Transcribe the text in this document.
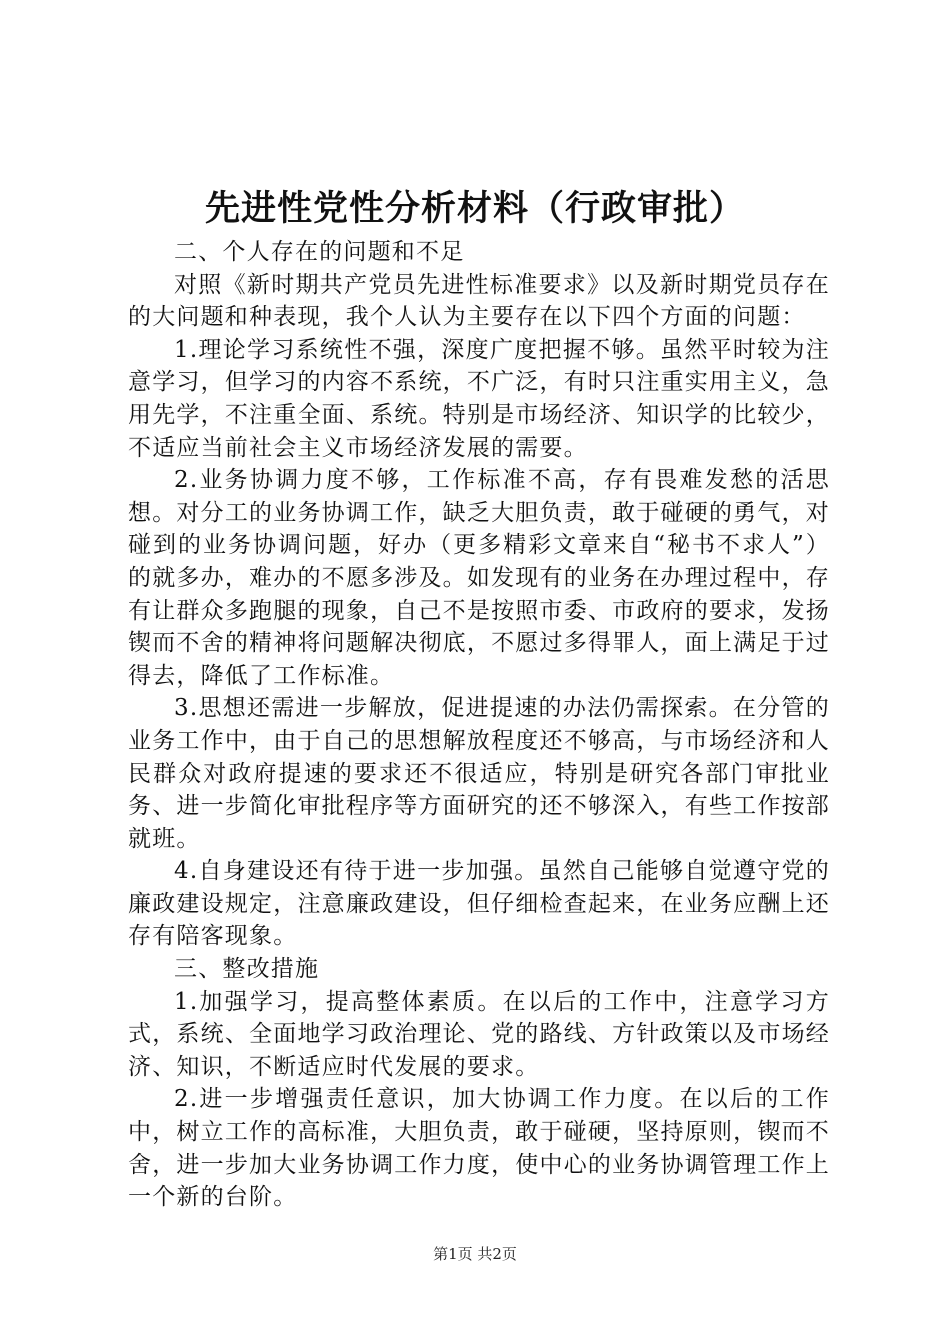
先进性党性分析材料（行政审批）

二、个人存在的问题和不足

对照《新时期共产党员先进性标准要求》以及新时期党员存在的大问题和种表现，我个人认为主要存在以下四个方面的问题：

1.理论学习系统性不强，深度广度把握不够。虽然平时较为注意学习，但学习的内容不系统，不广泛，有时只注重实用主义，急用先学，不注重全面、系统。特别是市场经济、知识学的比较少，不适应当前社会主义市场经济发展的需要。

2.业务协调力度不够，工作标准不高，存有畏难发愁的活思想。对分工的业务协调工作，缺乏大胆负责，敢于碰硬的勇气，对碰到的业务协调问题，好办（更多精彩文章来自“秘书不求人”）的就多办，难办的不愿多涉及。如发现有的业务在办理过程中，存有让群众多跑腿的现象，自己不是按照市委、市政府的要求，发扬锲而不舍的精神将问题解决彻底，不愿过多得罪人，面上满足于过得去，降低了工作标准。

3.思想还需进一步解放，促进提速的办法仍需探索。在分管的业务工作中，由于自己的思想解放程度还不够高，与市场经济和人民群众对政府提速的要求还不很适应，特别是研究各部门审批业务、进一步简化审批程序等方面研究的还不够深入，有些工作按部就班。

4.自身建设还有待于进一步加强。虽然自己能够自觉遵守党的廉政建设规定，注意廉政建设，但仔细检查起来，在业务应酬上还存有陪客现象。

三、整改措施

1.加强学习，提高整体素质。在以后的工作中，注意学习方式，系统、全面地学习政治理论、党的路线、方针政策以及市场经济、知识，不断适应时代发展的要求。

2.进一步增强责任意识，加大协调工作力度。在以后的工作中，树立工作的高标准，大胆负责，敢于碰硬，坚持原则，锲而不舍，进一步加大业务协调工作力度，使中心的业务协调管理工作上一个新的台阶。

第1页 共2页
